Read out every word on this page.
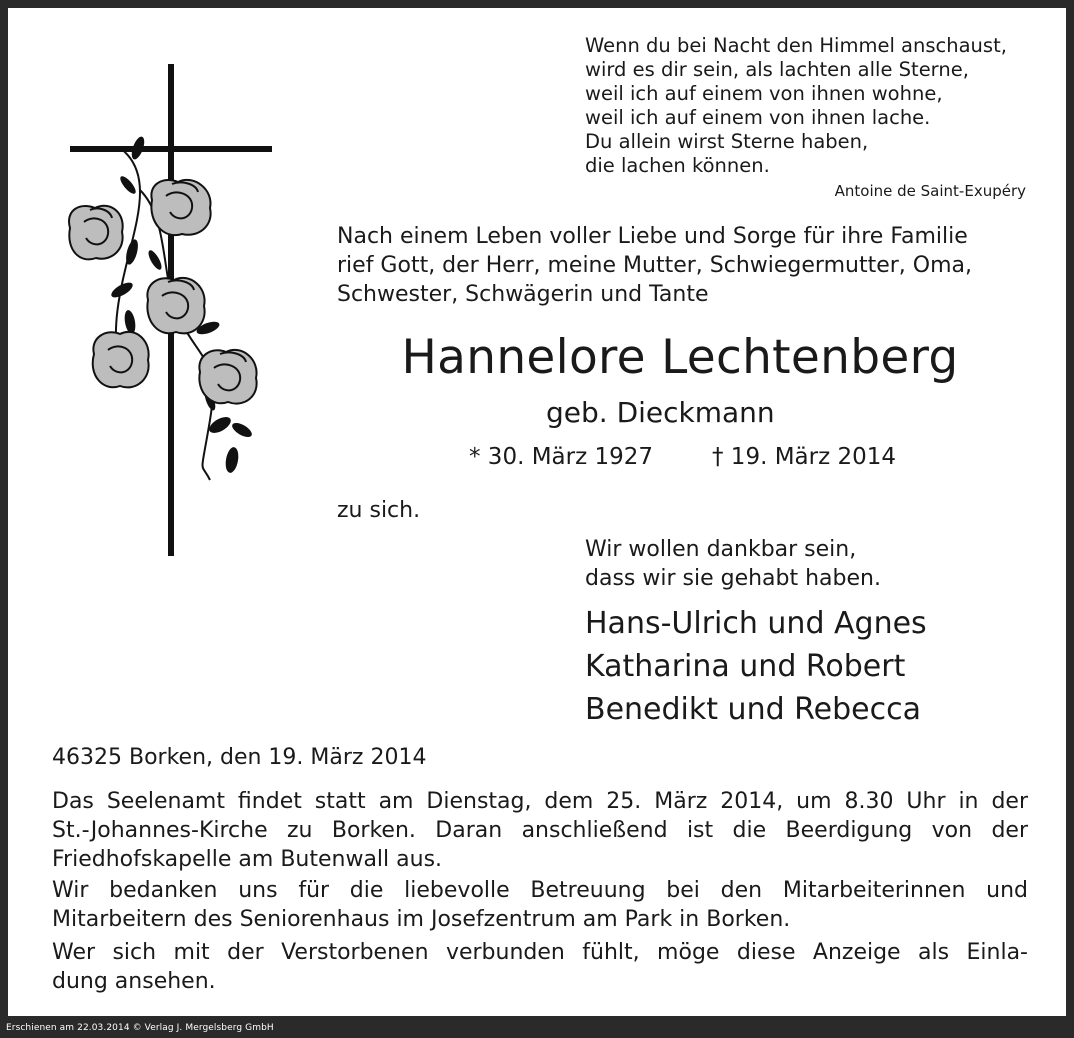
Wenn du bei Nacht den Himmel anschaust,
wird es dir sein, als lachten alle Sterne,
weil ich auf einem von ihnen wohne,
weil ich auf einem von ihnen lache.
Du allein wirst Sterne haben,
die lachen können.
Antoine de Saint-Exupéry
Nach einem Leben voller Liebe und Sorge für ihre Familie
rief Gott, der Herr, meine Mutter, Schwiegermutter, Oma,
Schwester, Schwägerin und Tante
Hannelore Lechtenberg
geb. Dieckmann
* 30. März 1927	† 19. März 2014
zu sich.
Wir wollen dankbar sein,
dass wir sie gehabt haben.
Hans-Ulrich und Agnes
Katharina und Robert
Benedikt und Rebecca
46325 Borken, den 19. März 2014
Das Seelenamt findet statt am Dienstag, dem 25. März 2014, um 8.30 Uhr in der
St.-Johannes-Kirche zu Borken. Daran anschließend ist die Beerdigung von der
Friedhofskapelle am Butenwall aus.
Wir bedanken uns für die liebevolle Betreuung bei den Mitarbeiterinnen und
Mitarbeitern des Seniorenhaus im Josefzentrum am Park in Borken.
Wer sich mit der Verstorbenen verbunden fühlt, möge diese Anzeige als Einla-
dung ansehen.
Erschienen am 22.03.2014 © Verlag J. Mergelsberg GmbH
